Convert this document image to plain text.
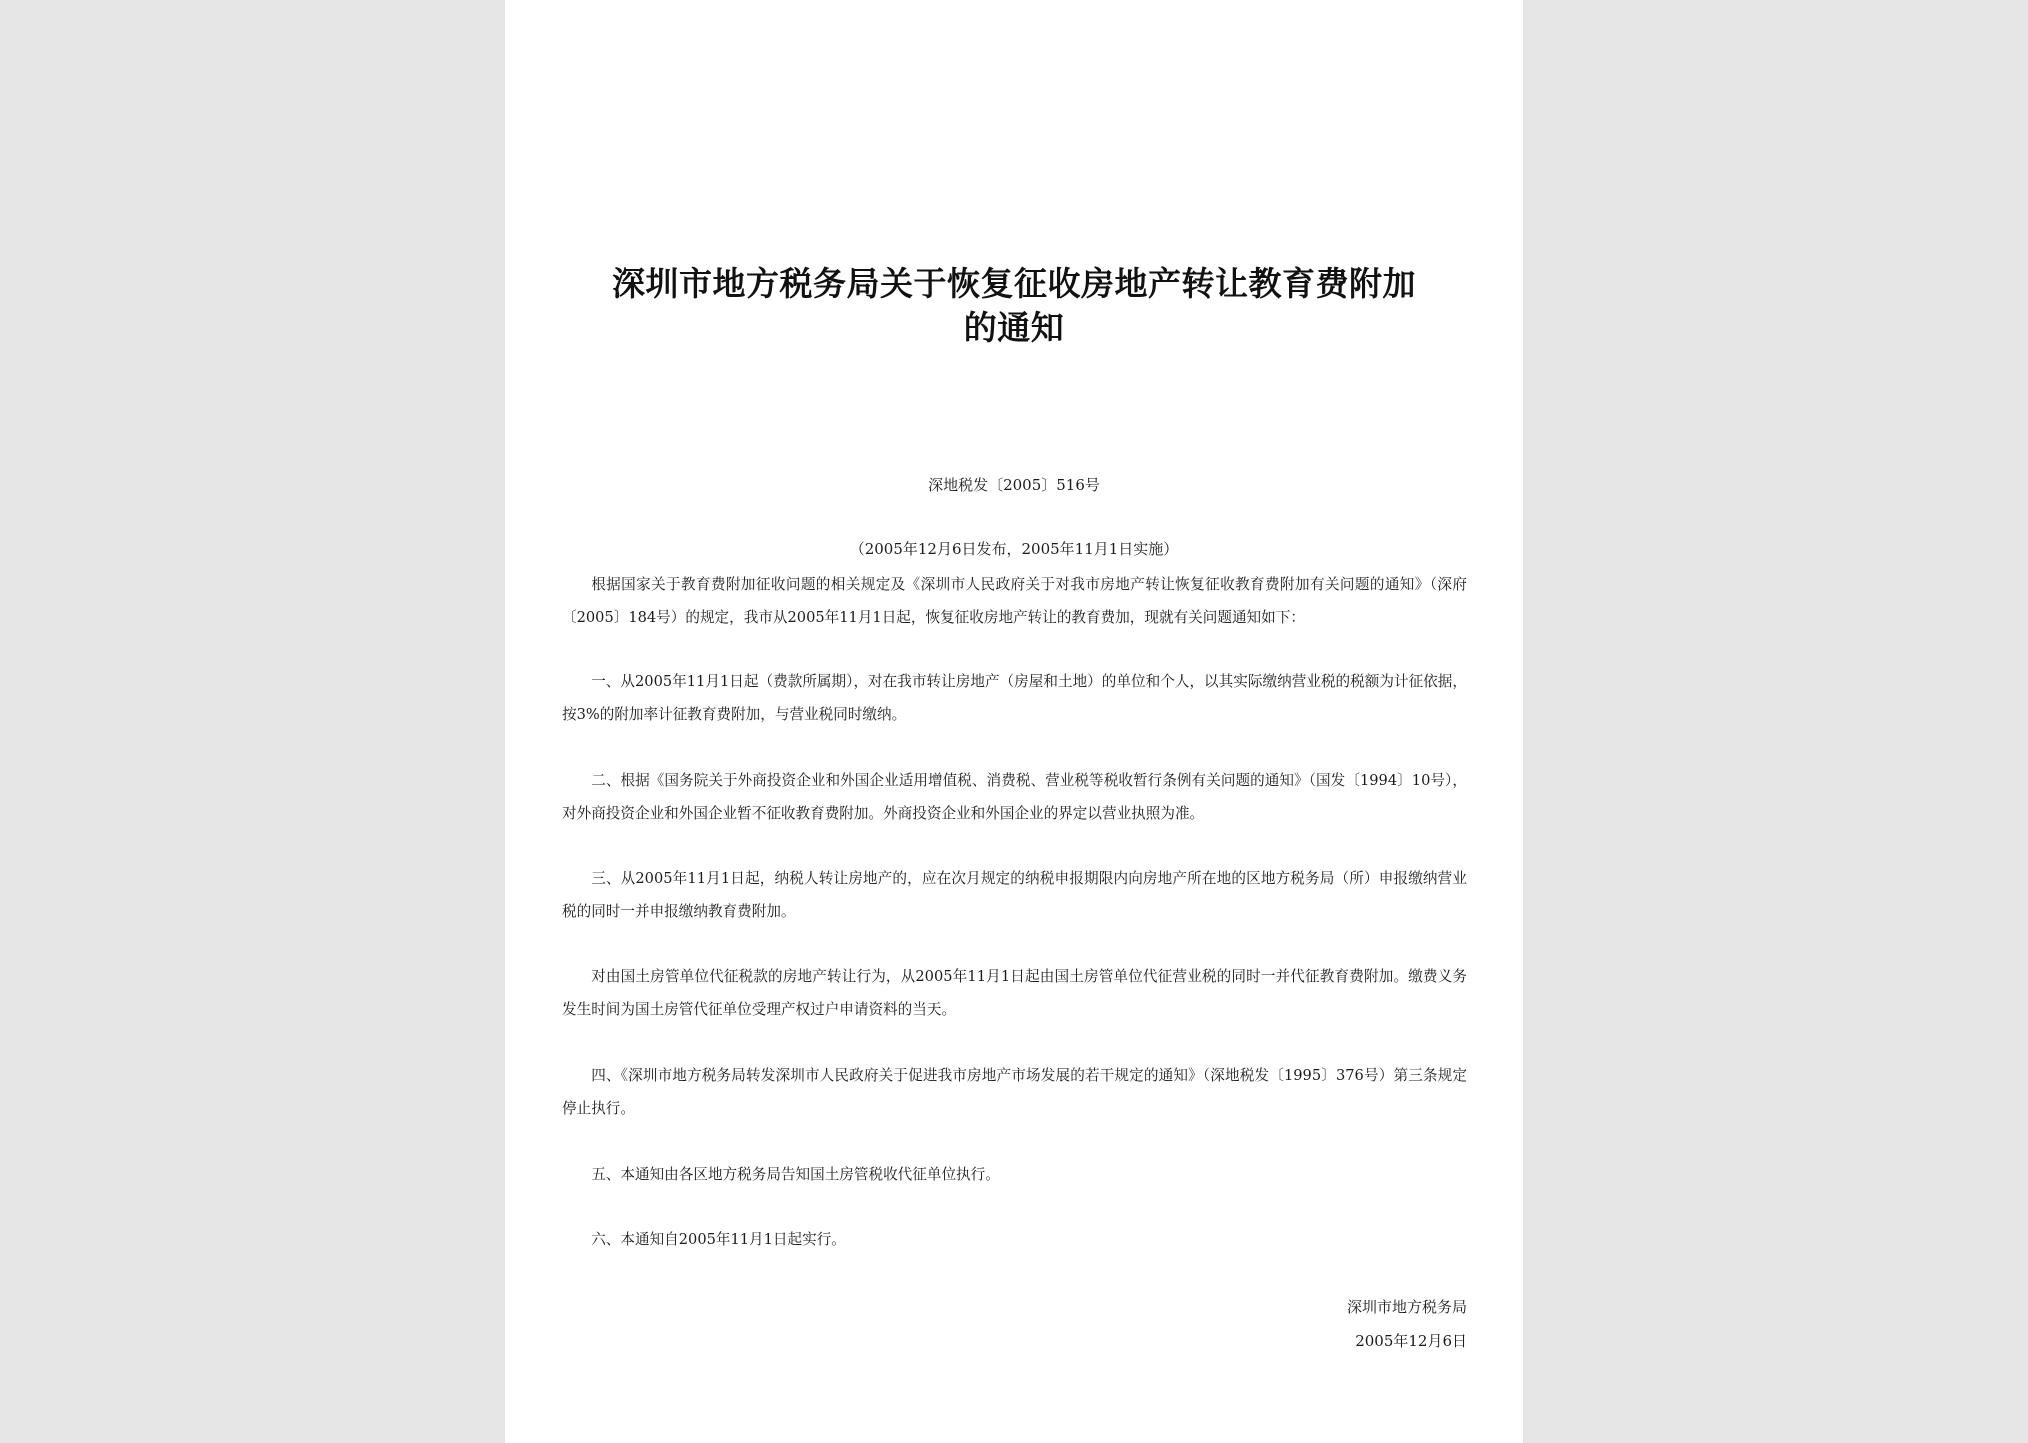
深圳市地方税务局关于恢复征收房地产转让教育费附加
的通知
深地税发〔2005〕516号
（2005年12月6日发布，2005年11月1日实施）

根据国家关于教育费附加征收问题的相关规定及《深圳市人民政府关于对我市房地产转让恢复征收教育费附加有关问题的通知》（深府〔2005〕184号）的规定，我市从2005年11月1日起，恢复征收房地产转让的教育费加，现就有关问题通知如下：

一、从2005年11月1日起（费款所属期），对在我市转让房地产（房屋和土地）的单位和个人，以其实际缴纳营业税的税额为计征依据，按3%的附加率计征教育费附加，与营业税同时缴纳。

二、根据《国务院关于外商投资企业和外国企业适用增值税、消费税、营业税等税收暂行条例有关问题的通知》（国发〔1994〕10号），对外商投资企业和外国企业暂不征收教育费附加。外商投资企业和外国企业的界定以营业执照为准。

三、从2005年11月1日起，纳税人转让房地产的，应在次月规定的纳税申报期限内向房地产所在地的区地方税务局（所）申报缴纳营业税的同时一并申报缴纳教育费附加。

对由国土房管单位代征税款的房地产转让行为，从2005年11月1日起由国土房管单位代征营业税的同时一并代征教育费附加。缴费义务发生时间为国土房管代征单位受理产权过户申请资料的当天。

四、《深圳市地方税务局转发深圳市人民政府关于促进我市房地产市场发展的若干规定的通知》（深地税发〔1995〕376号）第三条规定停止执行。

五、本通知由各区地方税务局告知国土房管税收代征单位执行。

六、本通知自2005年11月1日起实行。

深圳市地方税务局
2005年12月6日
